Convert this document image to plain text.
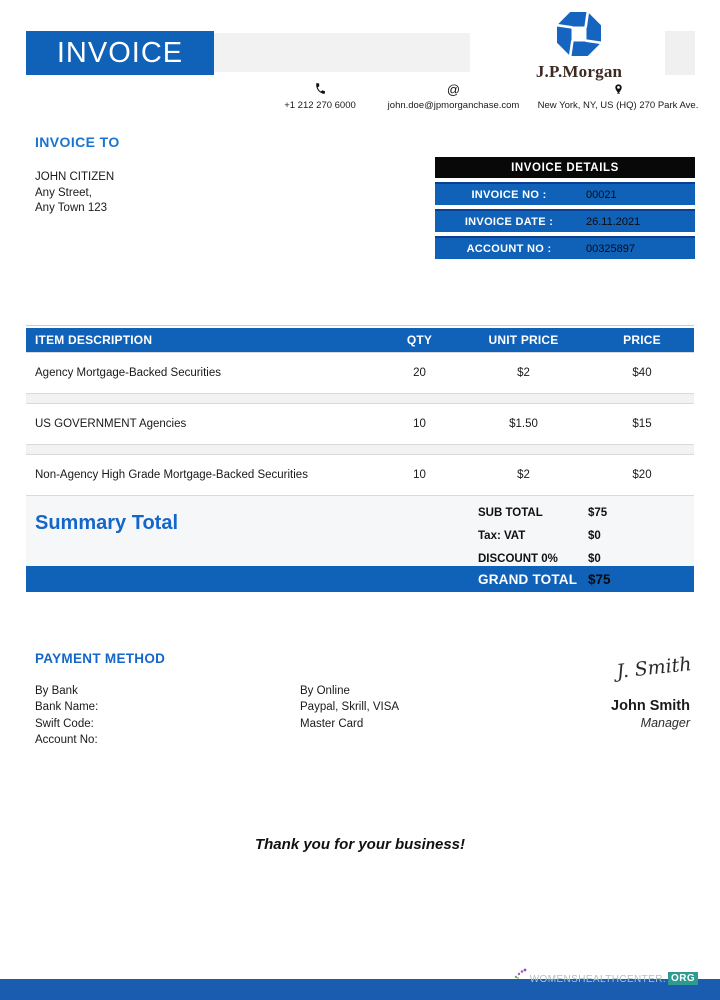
INVOICE
J.P.Morgan
+1 212 270 6000
@
john.doe@jpmorganchase.com	New York, NY, US (HQ) 270 Park Ave.
INVOICE TO
JOHN CITIZEN
Any Street,
Any Town 123
INVOICE DETAILS
INVOICE NO :	00021
INVOICE DATE :	26.11.2021
ACCOUNT NO :	00325897
ITEM DESCRIPTION	QTY	UNIT PRICE	PRICE
Agency Mortgage-Backed Securities	20	$2	$40
US GOVERNMENT Agencies	10	$1.50	$15
Non-Agency High Grade Mortgage-Backed Securities	10	$2	$20
Summary Total	SUB TOTAL	$75
Tax: VAT	$0
DISCOUNT 0%	$0
GRAND TOTAL $75
PAYMENT METHOD
By Bank
Bank Name:
Swift Code:
Account No:
By Online
Paypal, Skrill, VISA
Master Card
J. Smith
John Smith
Manager
Thank you for your business!
WOMENSHEALTHCENTER. ORG
